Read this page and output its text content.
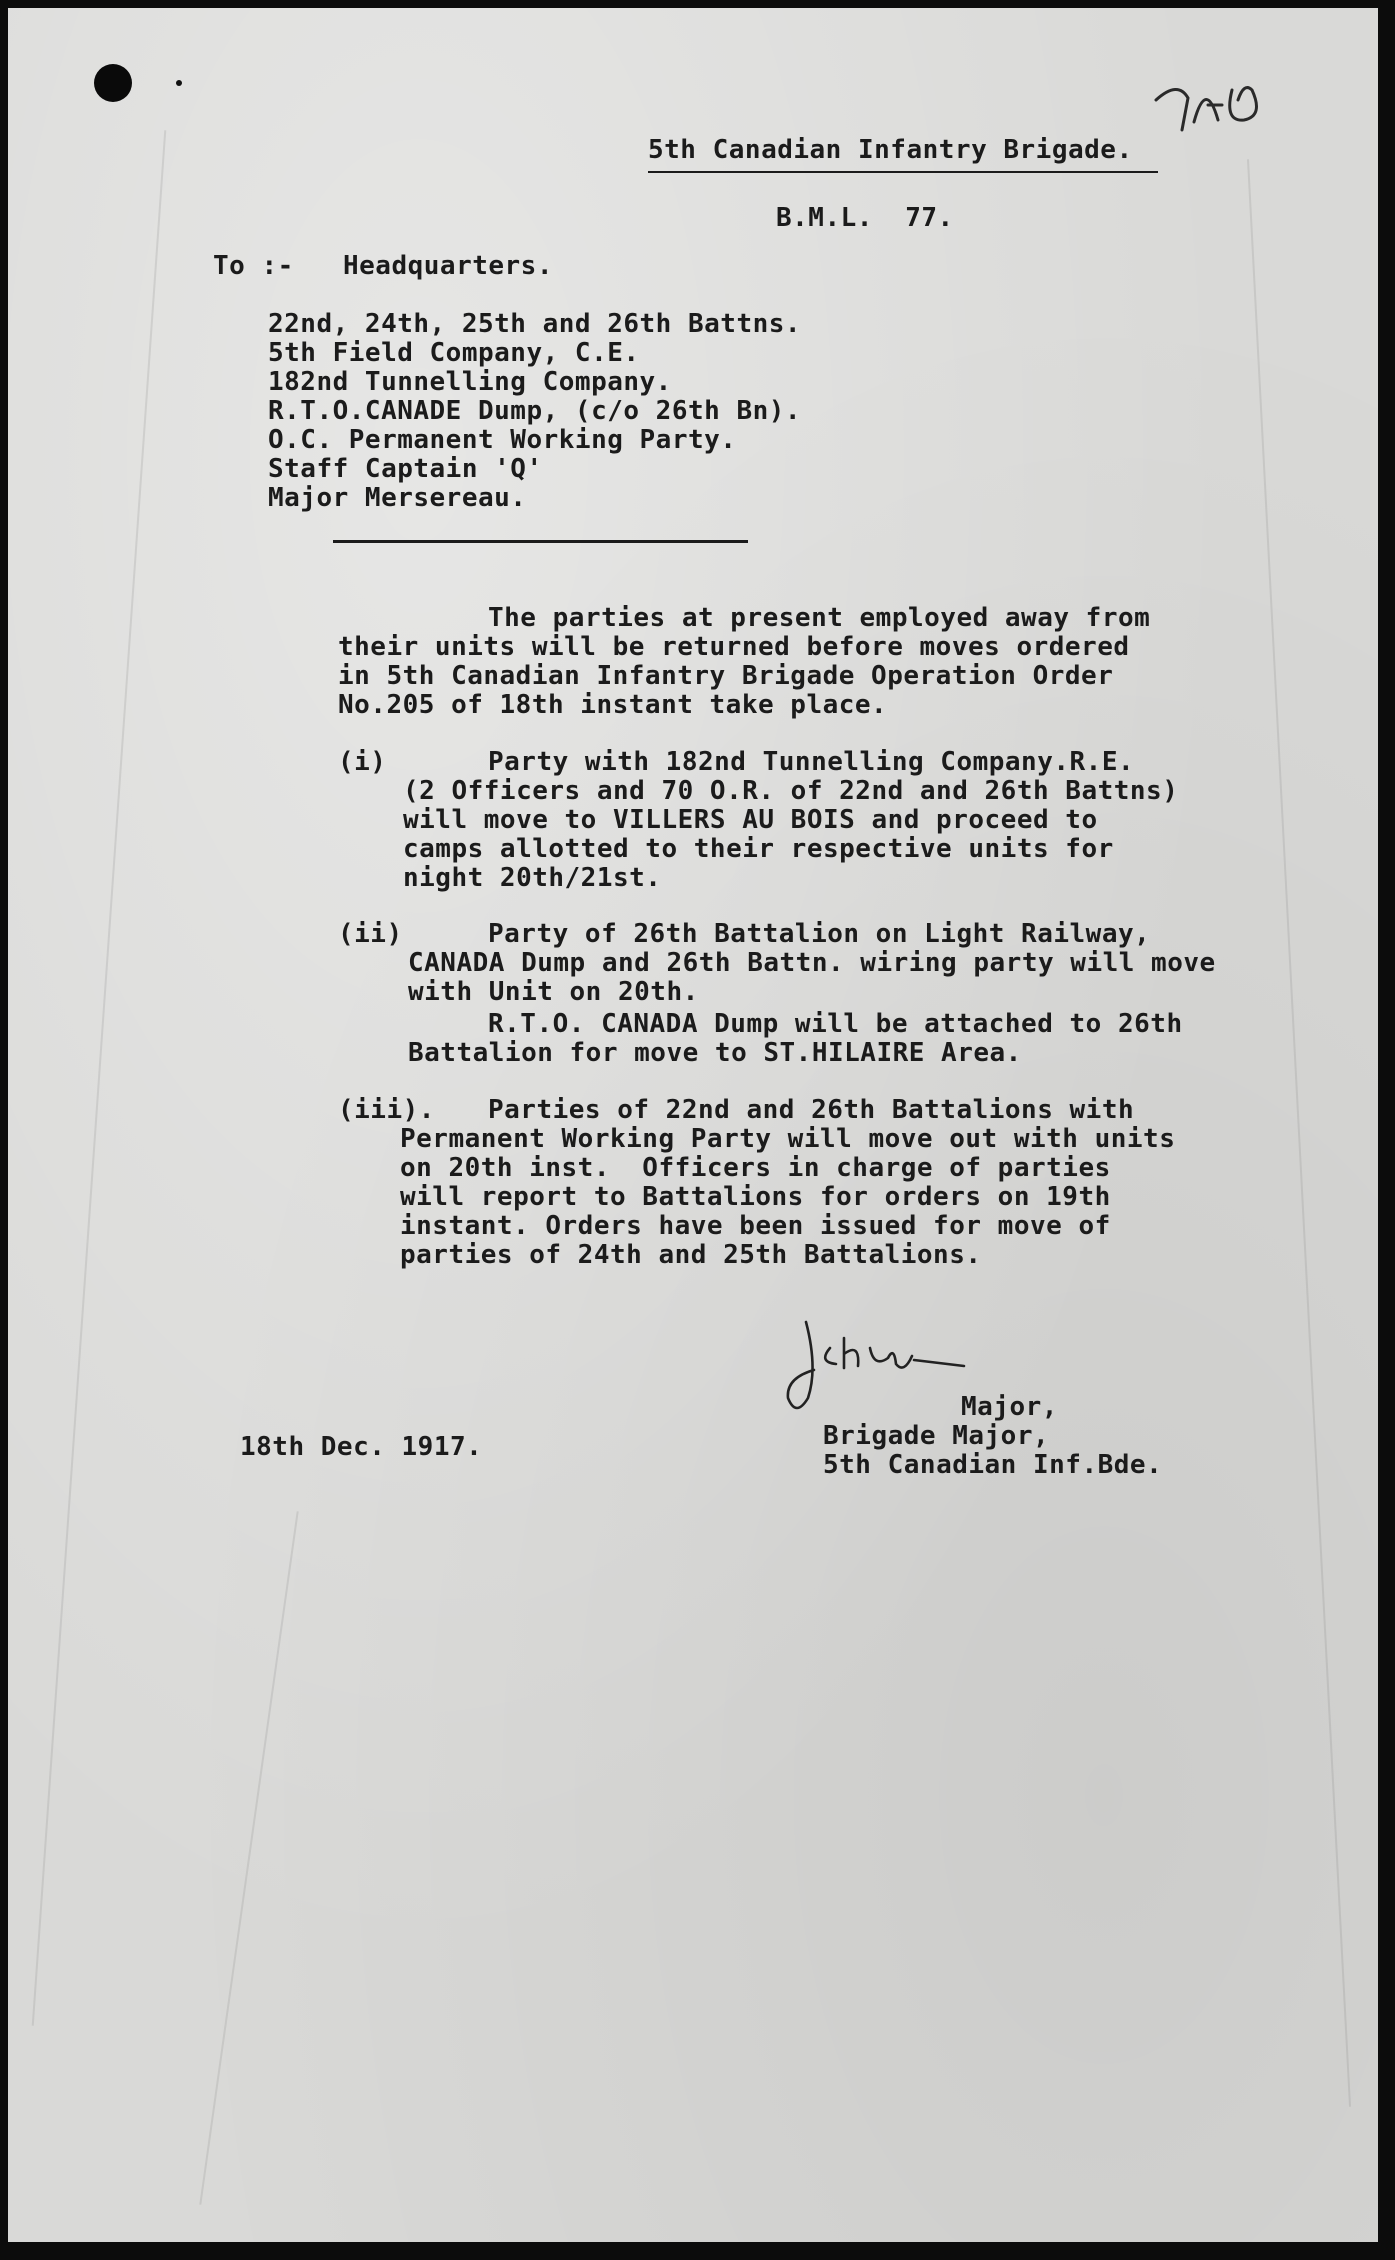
5th Canadian Infantry Brigade.
B.M.L.  77.
To :- Headquarters.
22nd, 24th, 25th and 26th Battns.
5th Field Company, C.E.
182nd Tunnelling Company.
R.T.O.CANADE Dump, (c/o 26th Bn).
O.C. Permanent Working Party.
Staff Captain 'Q'
Major Mersereau.
The parties at present employed away from
their units will be returned before moves ordered
in 5th Canadian Infantry Brigade Operation Order
No.205 of 18th instant take place.
(i)	Party with 182nd Tunnelling Company.R.E.
(2 Officers and 70 O.R. of 22nd and 26th Battns)
will move to VILLERS AU BOIS and proceed to
camps allotted to their respective units for
night 20th/21st.
(ii)	Party of 26th Battalion on Light Railway,
CANADA Dump and 26th Battn. wiring party will move
with Unit on 20th.
R.T.O. CANADA Dump will be attached to 26th
Battalion for move to ST.HILAIRE Area.
(iii). Parties of 22nd and 26th Battalions with
Permanent Working Party will move out with units
on 20th inst.  Officers in charge of parties
will report to Battalions for orders on 19th
instant. Orders have been issued for move of
parties of 24th and 25th Battalions.
Major,
Brigade Major,
5th Canadian Inf.Bde.
18th Dec. 1917.
